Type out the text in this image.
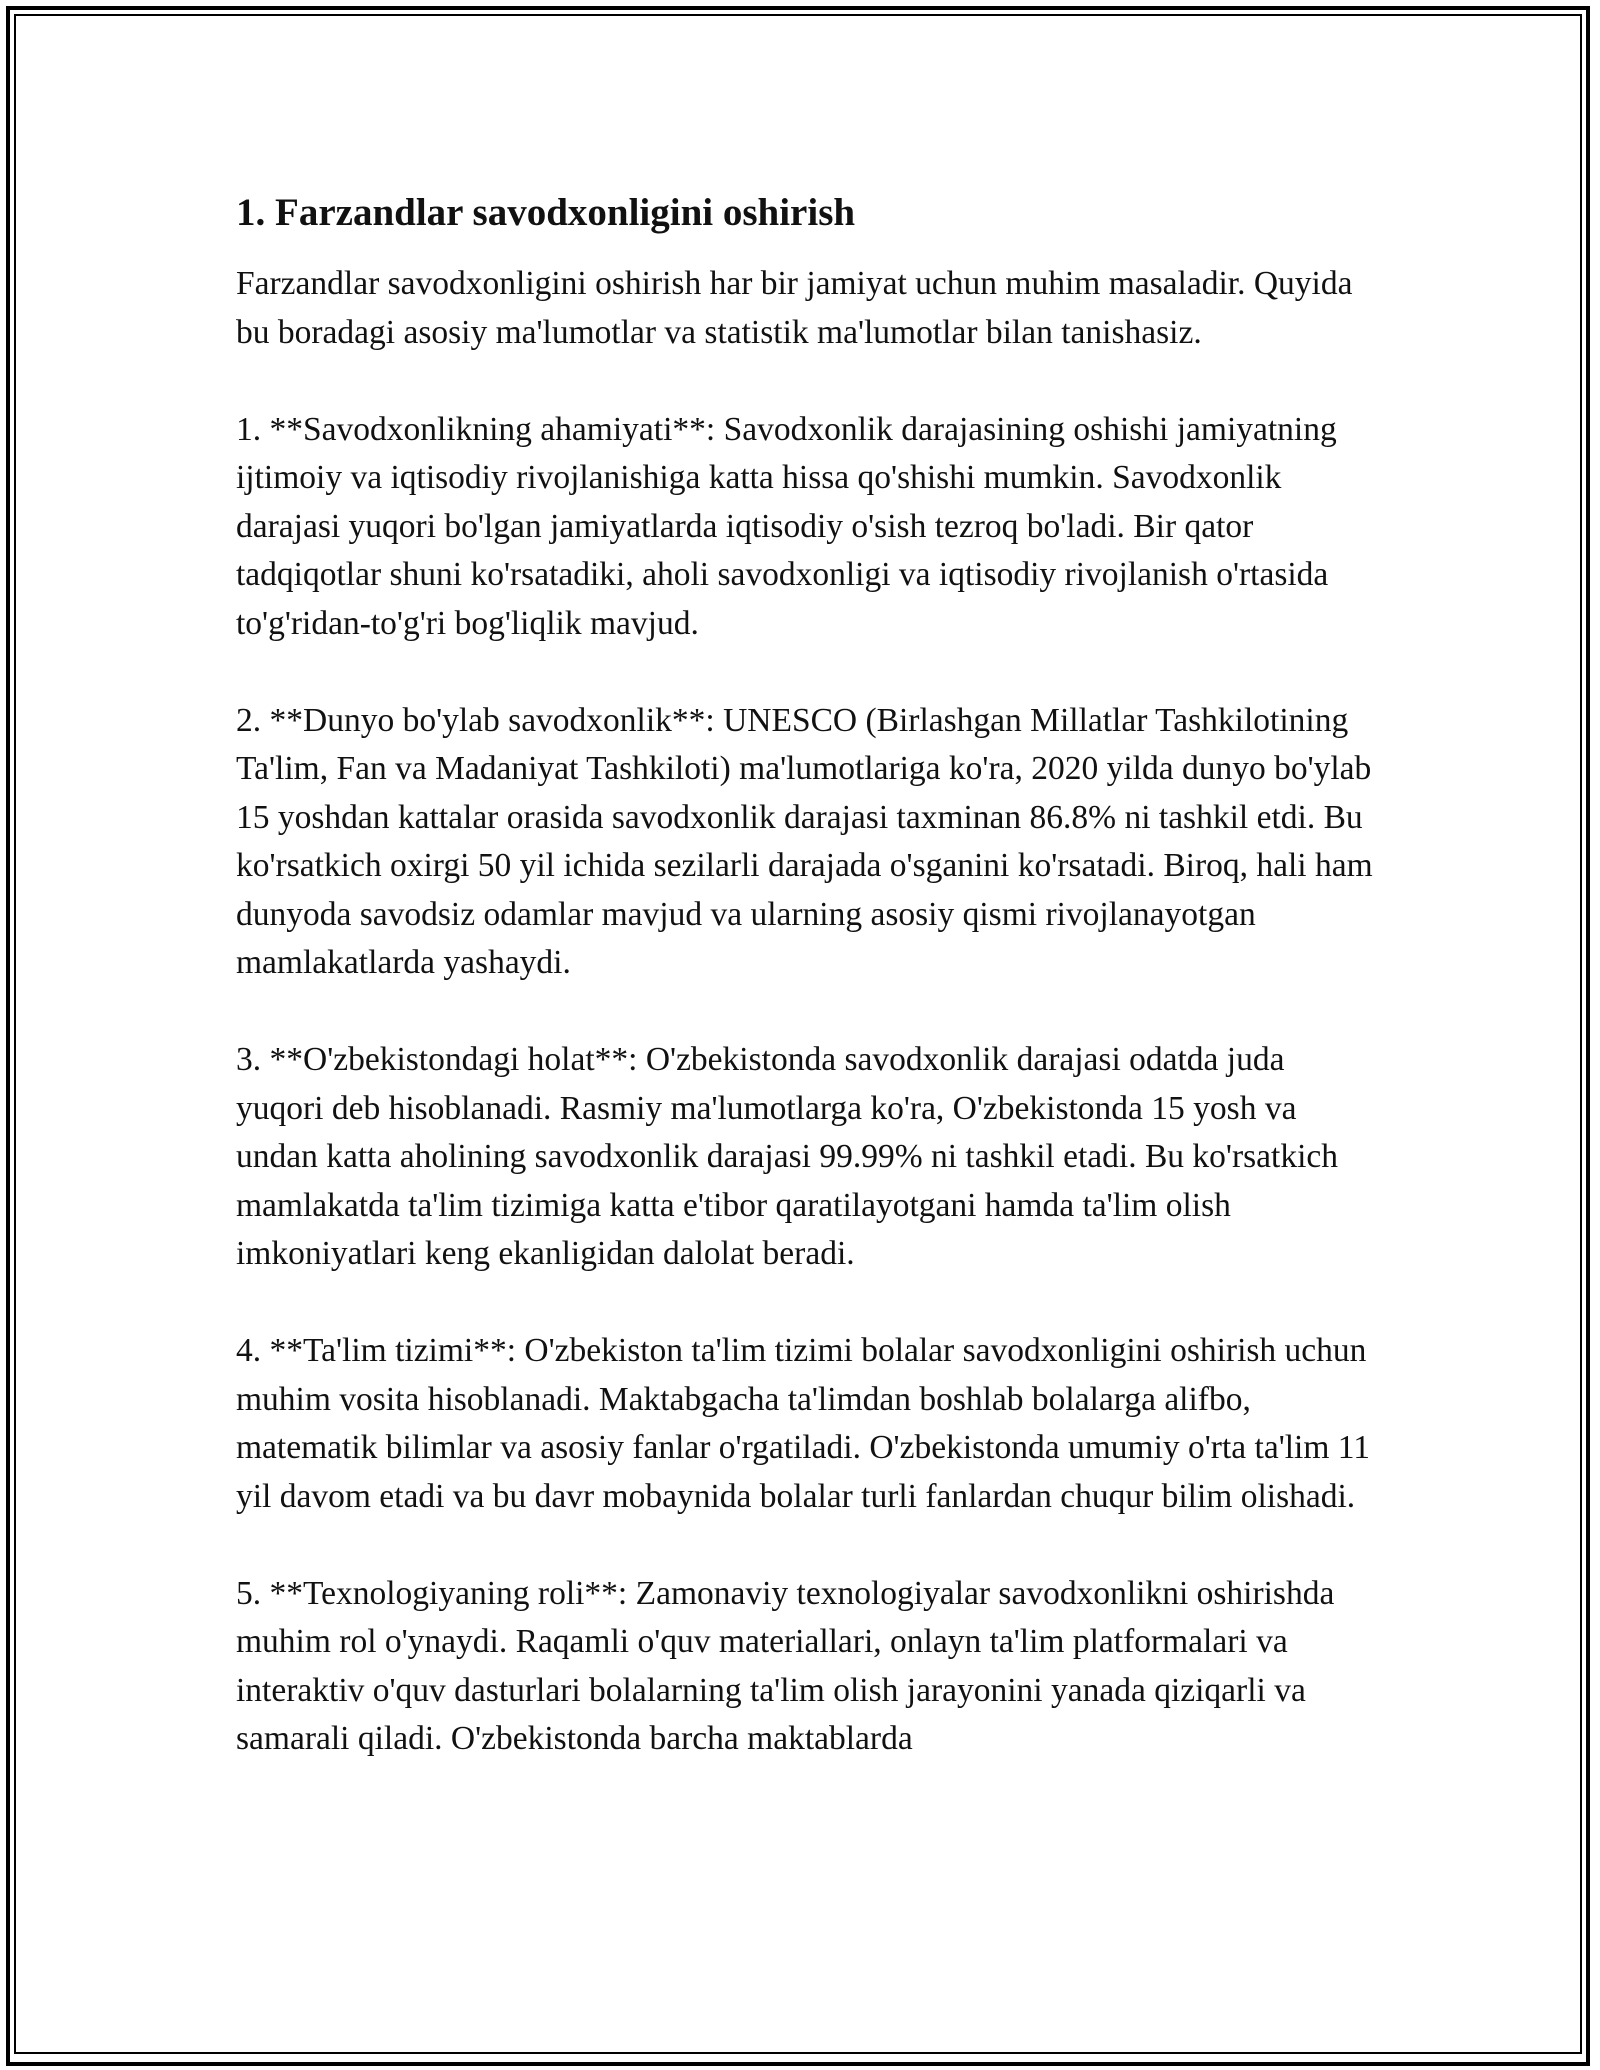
1. Farzandlar savodxonligini oshirish

Farzandlar savodxonligini oshirish har bir jamiyat uchun muhim masaladir. Quyida bu boradagi asosiy ma'lumotlar va statistik ma'lumotlar bilan tanishasiz.

1. **Savodxonlikning ahamiyati**: Savodxonlik darajasining oshishi jamiyatning ijtimoiy va iqtisodiy rivojlanishiga katta hissa qo'shishi mumkin. Savodxonlik darajasi yuqori bo'lgan jamiyatlarda iqtisodiy o'sish tezroq bo'ladi. Bir qator tadqiqotlar shuni ko'rsatadiki, aholi savodxonligi va iqtisodiy rivojlanish o'rtasida to'g'ridan-to'g'ri bog'liqlik mavjud.

2. **Dunyo bo'ylab savodxonlik**: UNESCO (Birlashgan Millatlar Tashkilotining Ta'lim, Fan va Madaniyat Tashkiloti) ma'lumotlariga ko'ra, 2020 yilda dunyo bo'ylab 15 yoshdan kattalar orasida savodxonlik darajasi taxminan 86.8% ni tashkil etdi. Bu ko'rsatkich oxirgi 50 yil ichida sezilarli darajada o'sganini ko'rsatadi. Biroq, hali ham dunyoda savodsiz odamlar mavjud va ularning asosiy qismi rivojlanayotgan mamlakatlarda yashaydi.

3. **O'zbekistondagi holat**: O'zbekistonda savodxonlik darajasi odatda juda yuqori deb hisoblanadi. Rasmiy ma'lumotlarga ko'ra, O'zbekistonda 15 yosh va undan katta aholining savodxonlik darajasi 99.99% ni tashkil etadi. Bu ko'rsatkich mamlakatda ta'lim tizimiga katta e'tibor qaratilayotgani hamda ta'lim olish imkoniyatlari keng ekanligidan dalolat beradi.

4. **Ta'lim tizimi**: O'zbekiston ta'lim tizimi bolalar savodxonligini oshirish uchun muhim vosita hisoblanadi. Maktabgacha ta'limdan boshlab bolalarga alifbo, matematik bilimlar va asosiy fanlar o'rgatiladi. O'zbekistonda umumiy o'rta ta'lim 11 yil davom etadi va bu davr mobaynida bolalar turli fanlardan chuqur bilim olishadi.

5. **Texnologiyaning roli**: Zamonaviy texnologiyalar savodxonlikni oshirishda muhim rol o'ynaydi. Raqamli o'quv materiallari, onlayn ta'lim platformalari va interaktiv o'quv dasturlari bolalarning ta'lim olish jarayonini yanada qiziqarli va samarali qiladi. O'zbekistonda barcha maktablarda
